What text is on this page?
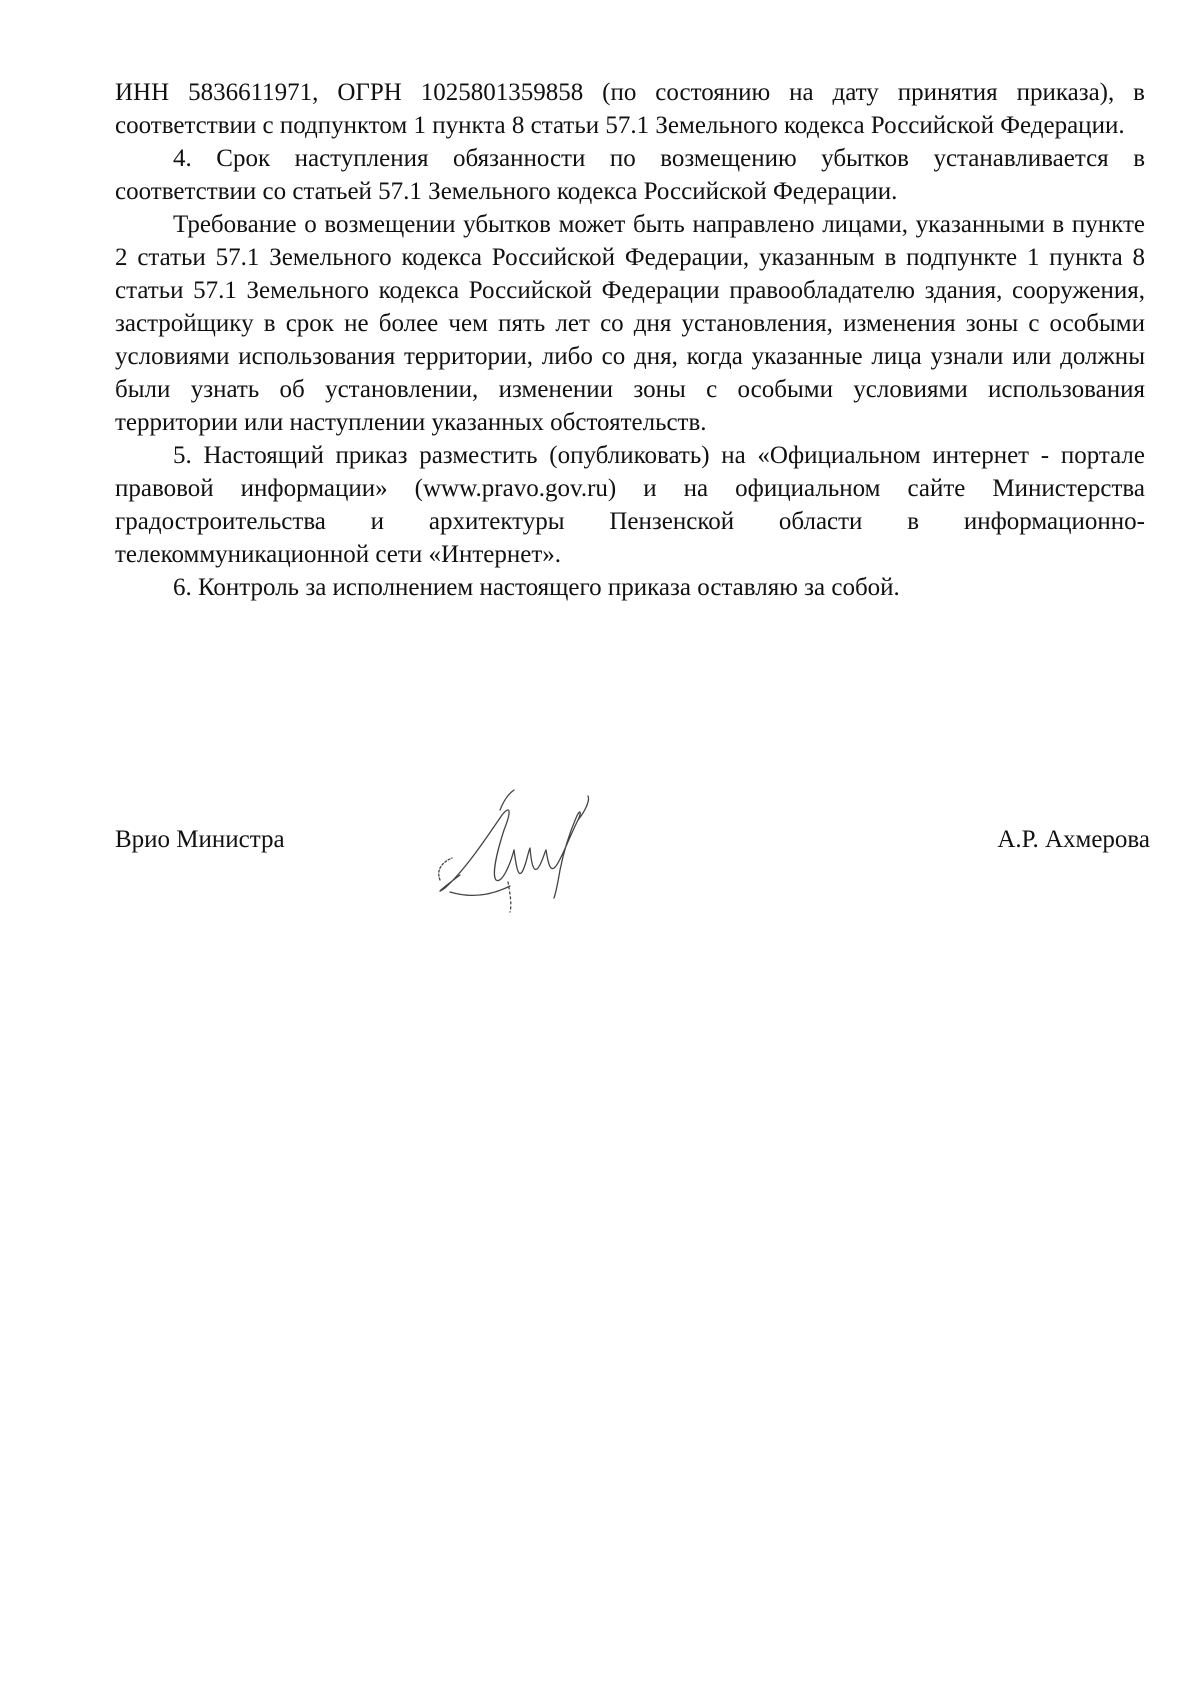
ИНН 5836611971, ОГРН 1025801359858 (по состоянию на дату принятия приказа), в соответствии с подпунктом 1 пункта 8 статьи 57.1 Земельного кодекса Российской Федерации.

4. Срок наступления обязанности по возмещению убытков устанавливается в соответствии со статьей 57.1 Земельного кодекса Российской Федерации.

Требование о возмещении убытков может быть направлено лицами, указанными в пункте 2 статьи 57.1 Земельного кодекса Российской Федерации, указанным в подпункте 1 пункта 8 статьи 57.1 Земельного кодекса Российской Федерации правообладателю здания, сооружения, застройщику в срок не более чем пять лет со дня установления, изменения зоны с особыми условиями использования территории, либо со дня, когда указанные лица узнали или должны были узнать об установлении, изменении зоны с особыми условиями использования территории или наступлении указанных обстоятельств.

5. Настоящий приказ разместить (опубликовать) на «Официальном интернет - портале правовой информации» (www.pravo.gov.ru) и на официальном сайте Министерства градостроительства и архитектуры Пензенской области в информационно-телекоммуникационной сети «Интернет».

6. Контроль за исполнением настоящего приказа оставляю за собой.

Врио Министра	А.Р. Ахмерова
